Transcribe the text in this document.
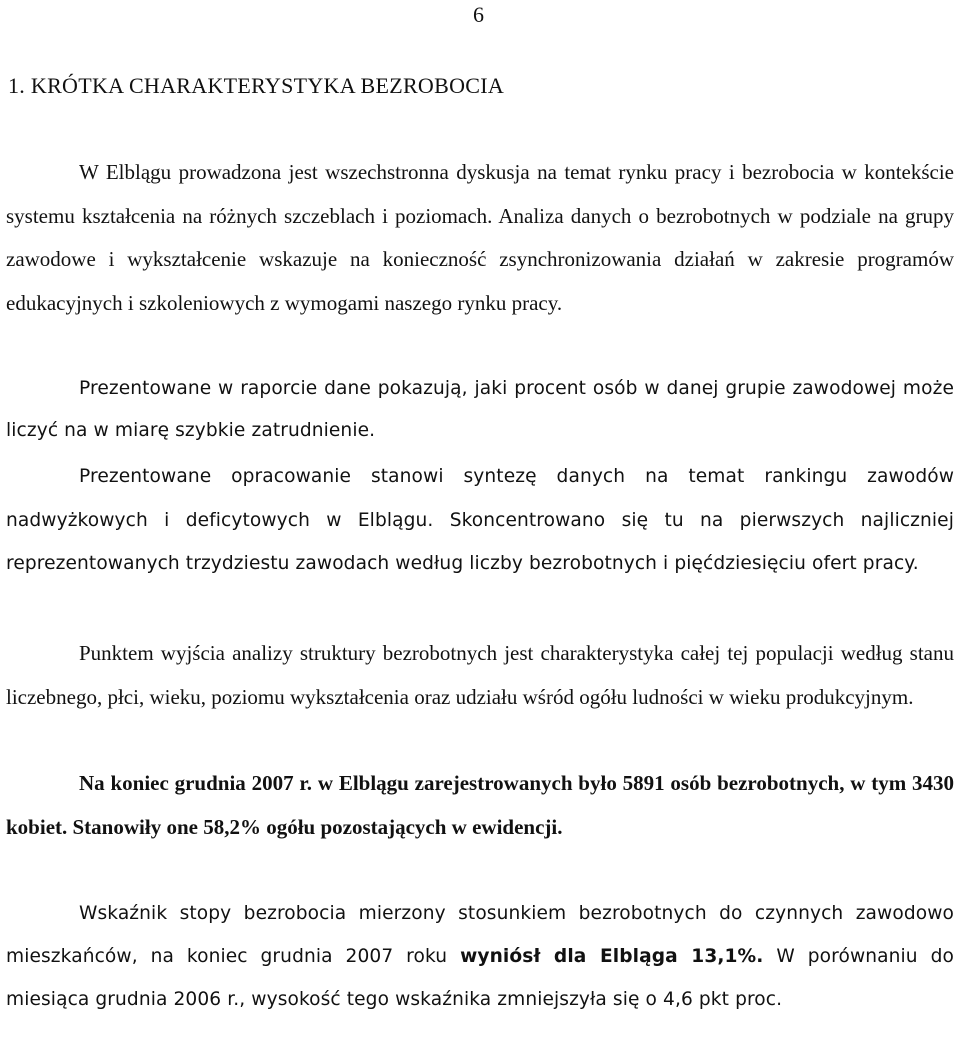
6
1. KRÓTKA CHARAKTERYSTYKA BEZROBOCIA

W Elblągu prowadzona jest wszechstronna dyskusja na temat rynku pracy i bezrobocia w kontekście systemu kształcenia na różnych szczeblach i poziomach. Analiza danych o bezrobotnych w podziale na grupy zawodowe i wykształcenie wskazuje na konieczność zsynchronizowania działań w zakresie programów edukacyjnych i szkoleniowych z wymogami naszego rynku pracy.

Prezentowane w raporcie dane pokazują, jaki procent osób w danej grupie zawodowej może liczyć na w miarę szybkie zatrudnienie.

Prezentowane opracowanie stanowi syntezę danych na temat rankingu zawodów nadwyżkowych i deficytowych w Elblągu. Skoncentrowano się tu na pierwszych najliczniej reprezentowanych trzydziestu zawodach według liczby bezrobotnych i pięćdziesięciu ofert pracy.

Punktem wyjścia analizy struktury bezrobotnych jest charakterystyka całej tej populacji według stanu liczebnego, płci, wieku, poziomu wykształcenia oraz udziału wśród ogółu ludności w wieku produkcyjnym.

Na koniec grudnia 2007 r. w Elblągu zarejestrowanych było 5891 osób bezrobotnych, w tym 3430 kobiet. Stanowiły one 58,2% ogółu pozostających w ewidencji.

Wskaźnik stopy bezrobocia mierzony stosunkiem bezrobotnych do czynnych zawodowo mieszkańców, na koniec grudnia 2007 roku wyniósł dla Elbląga 13,1%. W porównaniu do miesiąca grudnia 2006 r., wysokość tego wskaźnika zmniejszyła się o 4,6 pkt proc.
